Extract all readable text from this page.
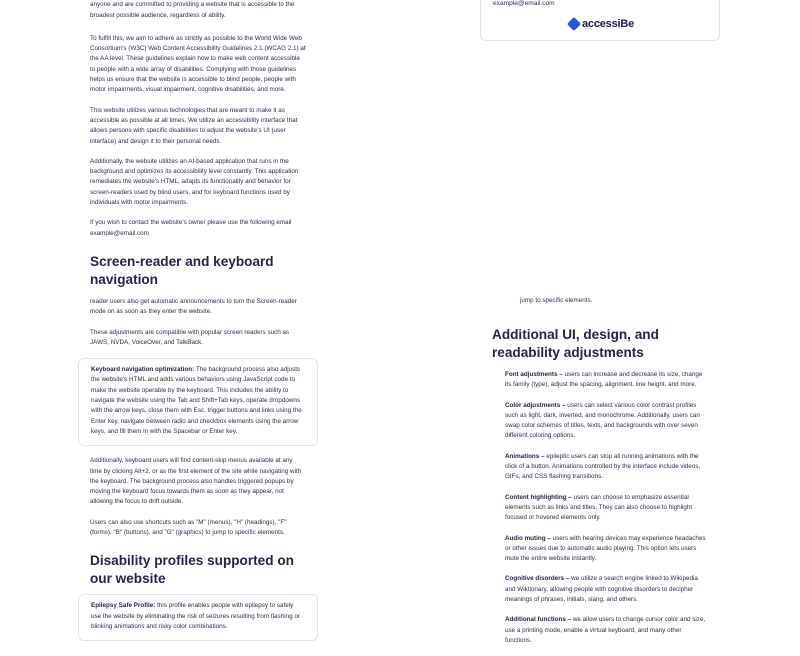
example@email.com
accessiBe

anyone and are committed to providing a website that is accessible to the broadest possible audience, regardless of ability.

To fulfill this, we aim to adhere as strictly as possible to the World Wide Web Consortium's (W3C) Web Content Accessibility Guidelines 2.1 (WCAG 2.1) at the AA level. These guidelines explain how to make web content accessible to people with a wide array of disabilities. Complying with those guidelines helps us ensure that the website is accessible to blind people, people with motor impairments, visual impairment, cognitive disabilities, and more.

This website utilizes various technologies that are meant to make it as accessible as possible at all times. We utilize an accessibility interface that allows persons with specific disabilities to adjust the website's UI (user interface) and design it to their personal needs.

Additionally, the website utilizes an AI-based application that runs in the background and optimizes its accessibility level constantly. This application remediates the website's HTML, adapts its functionality and behavior for screen-readers used by blind users, and for keyboard functions used by individuals with motor impairments.

If you wish to contact the website's owner please use the following email example@email.com

Screen-reader and keyboard navigation

reader users also get automatic announcements to turn the Screen-reader mode on as soon as they enter the website.

These adjustments are compatible with popular screen readers such as JAWS, NVDA, VoiceOver, and TalkBack.

Keyboard navigation optimization: The background process also adjusts the website's HTML and adds various behaviors using JavaScript code to make the website operable by the keyboard. This includes the ability to navigate the website using the Tab and Shift+Tab keys, operate dropdowns with the arrow keys, close them with Esc, trigger buttons and links using the Enter key, navigate between radio and checkbox elements using the arrow keys, and fill them in with the Spacebar or Enter key.

Additionally, keyboard users will find content-skip menus available at any time by clicking Alt+2, or as the first element of the site while navigating with the keyboard. The background process also handles triggered popups by moving the keyboard focus towards them as soon as they appear, not allowing the focus to drift outside.

Users can also use shortcuts such as "M" (menus), "H" (headings), "F" (forms), "B" (buttons), and "G" (graphics) to jump to specific elements.

Disability profiles supported on our website

Epilepsy Safe Profile: this profile enables people with epilepsy to safely use the website by eliminating the risk of seizures resulting from flashing or blinking animations and risky color combinations.

jump to specific elements.

Additional UI, design, and readability adjustments

Font adjustments – users can increase and decrease its size, change its family (type), adjust the spacing, alignment, line height, and more.

Color adjustments – users can select various color contrast profiles such as light, dark, inverted, and monochrome. Additionally, users can swap color schemes of titles, texts, and backgrounds with over seven different coloring options.

Animations – epileptic users can stop all running animations with the click of a button. Animations controlled by the interface include videos, GIFs, and CSS flashing transitions.

Content highlighting – users can choose to emphasize essential elements such as links and titles. They can also choose to highlight focused or hovered elements only.

Audio muting – users with hearing devices may experience headaches or other issues due to automatic audio playing. This option lets users mute the entire website instantly.

Cognitive disorders – we utilize a search engine linked to Wikipedia and Wiktionary, allowing people with cognitive disorders to decipher meanings of phrases, initials, slang, and others.

Additional functions – we allow users to change cursor color and size, use a printing mode, enable a virtual keyboard, and many other functions.
